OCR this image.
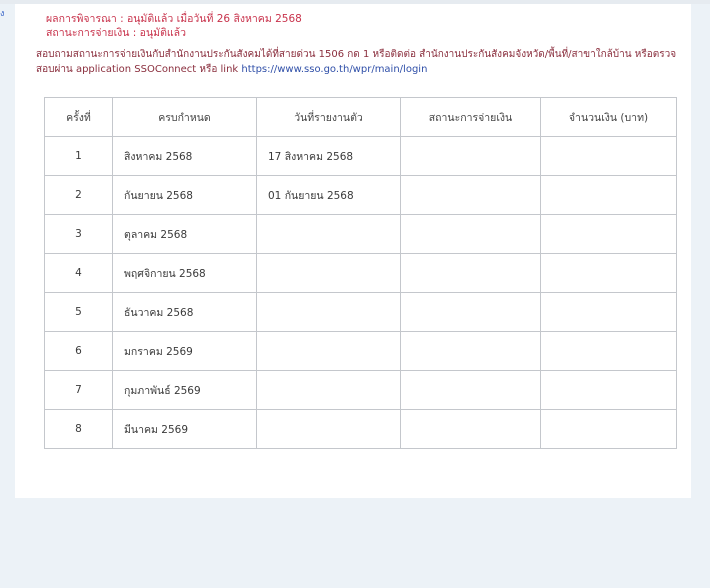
ง	ผลการพิจารณา : อนุมัติแล้ว เมื่อวันที่ 26 สิงหาคม 2568
สถานะการจ่ายเงิน : อนุมัติแล้ว
สอบถามสถานะการจ่ายเงินกับสำนักงานประกันสังคมได้ที่สายด่วน 1506 กด 1 หรือติดต่อ สำนักงานประกันสังคมจังหวัด/พื้นที่/สาขาใกล้บ้าน หรือตรวจสอบผ่าน application SSOConnect หรือ link https://www.sso.go.th/wpr/main/login
ครั้งที่	ครบกำหนด	วันที่รายงานตัว	สถานะการจ่ายเงิน	จำนวนเงิน (บาท)
1	สิงหาคม 2568	17 สิงหาคม 2568		
2	กันยายน 2568	01 กันยายน 2568		
3	ตุลาคม 2568			
4	พฤศจิกายน 2568			
5	ธันวาคม 2568			
6	มกราคม 2569			
7	กุมภาพันธ์ 2569			
8	มีนาคม 2569			
